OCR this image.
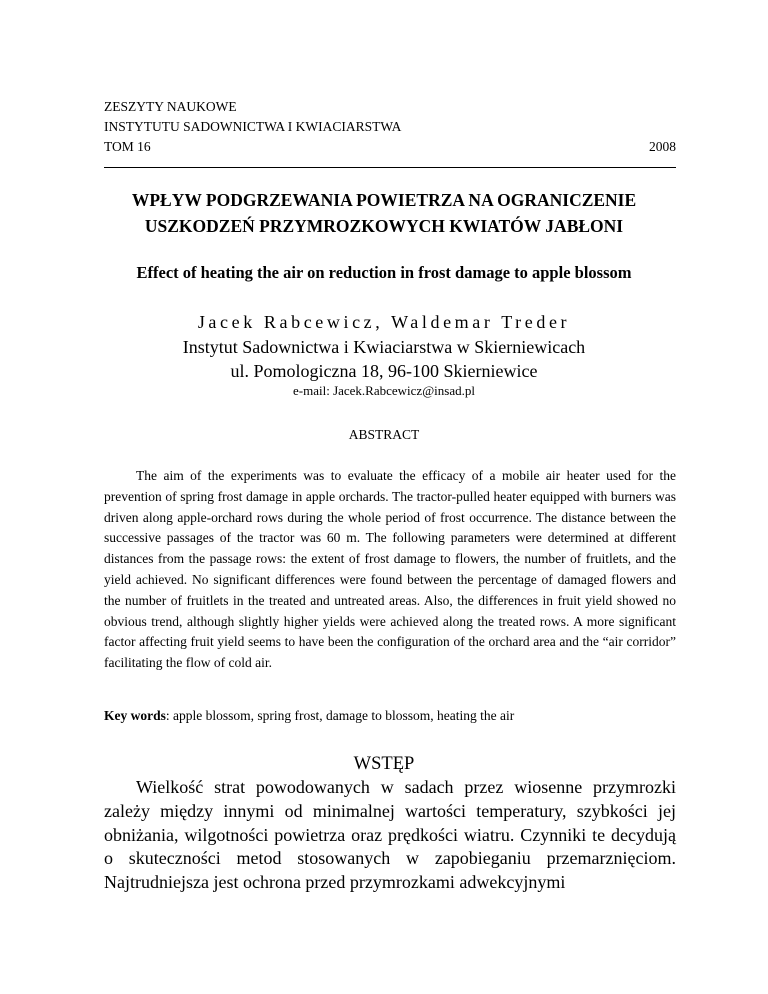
ZESZYTY NAUKOWE
INSTYTUTU SADOWNICTWA I KWIACIARSTWA
TOM 16	2008
WPŁYW PODGRZEWANIA POWIETRZA NA OGRANICZENIE
USZKODZEŃ PRZYMROZKOWYCH KWIATÓW JABŁONI
Effect of heating the air on reduction in frost damage to apple blossom
Jacek Rabcewicz, Waldemar Treder
Instytut Sadownictwa i Kwiaciarstwa w Skierniewicach
ul. Pomologiczna 18, 96-100 Skierniewice
e-mail: Jacek.Rabcewicz@insad.pl
ABSTRACT

The aim of the experiments was to evaluate the efficacy of a mobile air heater used for the prevention of spring frost damage in apple orchards. The tractor-pulled heater equipped with burners was driven along apple-orchard rows during the whole period of frost occurrence. The distance between the successive passages of the tractor was 60 m. The following parameters were determined at different distances from the passage rows: the extent of frost damage to flowers, the number of fruitlets, and the yield achieved. No significant differences were found between the percentage of damaged flowers and the number of fruitlets in the treated and untreated areas. Also, the differences in fruit yield showed no obvious trend, although slightly higher yields were achieved along the treated rows. A more significant factor affecting fruit yield seems to have been the configuration of the orchard area and the “air corridor” facilitating the flow of cold air.

Key words: apple blossom, spring frost, damage to blossom, heating the air
WSTĘP

Wielkość strat powodowanych w sadach przez wiosenne przymrozki zależy między innymi od minimalnej wartości temperatury, szybkości jej obniżania, wilgotności powietrza oraz prędkości wiatru. Czynniki te decydują o skuteczności metod stosowanych w zapobieganiu przemarznięciom. Najtrudniejsza jest ochrona przed przymrozkami adwekcyjnymi
